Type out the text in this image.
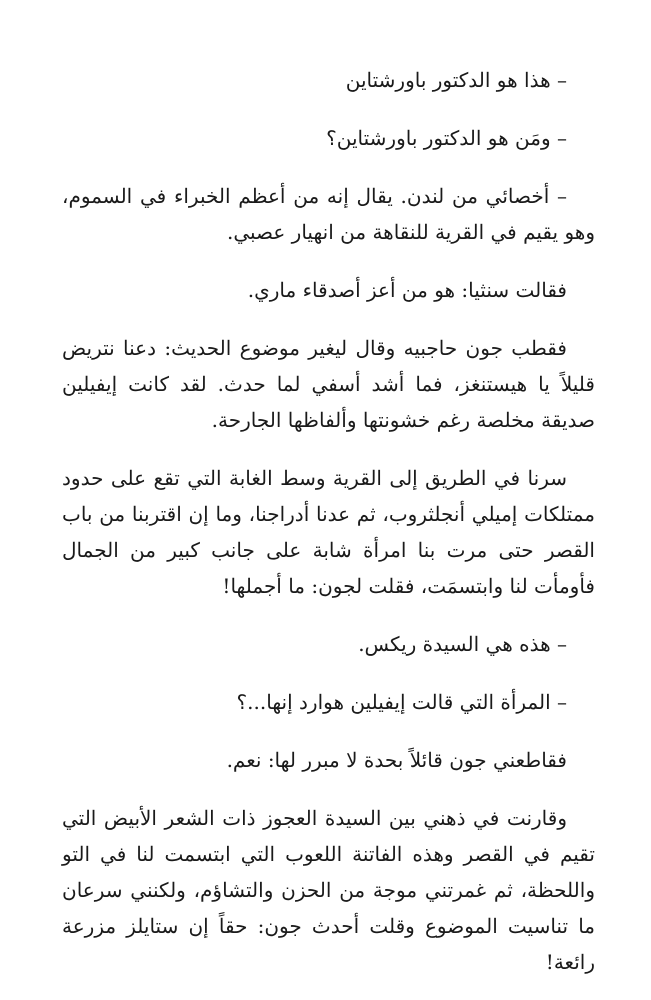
– هذا هو الدكتور باورشتاين

– ومَن هو الدكتور باورشتاين؟

– أخصائي من لندن. يقال إنه من أعظم الخبراء في السموم، وهو يقيم في القرية للنقاهة من انهيار عصبي.

فقالت سنثيا: هو من أعز أصدقاء ماري.

فقطب جون حاجبيه وقال ليغير موضوع الحديث: دعنا نتريض قليلاً يا هيستنغز، فما أشد أسفي لما حدث. لقد كانت إيفيلين صديقة مخلصة رغم خشونتها وألفاظها الجارحة.

سرنا في الطريق إلى القرية وسط الغابة التي تقع على حدود ممتلكات إميلي أنجلثروب، ثم عدنا أدراجنا، وما إن اقتربنا من باب القصر حتى مرت بنا امرأة شابة على جانب كبير من الجمال فأومأت لنا وابتسمَت، فقلت لجون: ما أجملها!

– هذه هي السيدة ريكس.

– المرأة التي قالت إيفيلين هوارد إنها...؟

فقاطعني جون قائلاً بحدة لا مبرر لها: نعم.

وقارنت في ذهني بين السيدة العجوز ذات الشعر الأبيض التي تقيم في القصر وهذه الفاتنة اللعوب التي ابتسمت لنا في التو واللحظة، ثم غمرتني موجة من الحزن والتشاؤم، ولكنني سرعان ما تناسيت الموضوع وقلت أحدث جون: حقاً إن ستايلز مزرعة رائعة!
